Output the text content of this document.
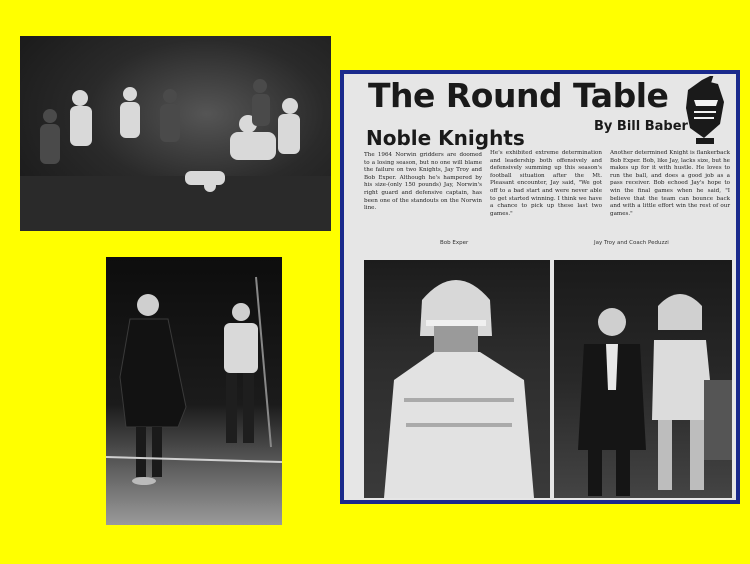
The Round Table
Noble Knights	By Bill Baber
The 1964 Norwin gridders are doomed to a losing season, but no one will blame the failure on two Knights, Jay Troy and Bob Exper. Although he's hampered by his size-(only 150 pounds) Jay, Norwin's right guard and defensive captain, has been one of the standouts on the Norwin line.
He's exhibited extreme determination and leadership both offensively and defensively summing up this season's football situation after the Mt. Pleasant encounter, Jay said, "We got off to a bad start and were never able to get started winning. I think we have a chance to pick up these last two games."
Another determined Knight is flankerback Bob Exper. Bob, like Jay, lacks size, but he makes up for it with hustle. He loves to run the ball, and does a good job as a pass receiver. Bob echoed Jay's hope to win the final games when he said, "I believe that the team can bounce back and with a little effort win the rest of our games."
Bob Exper	Jay Troy and Coach Peduzzi
